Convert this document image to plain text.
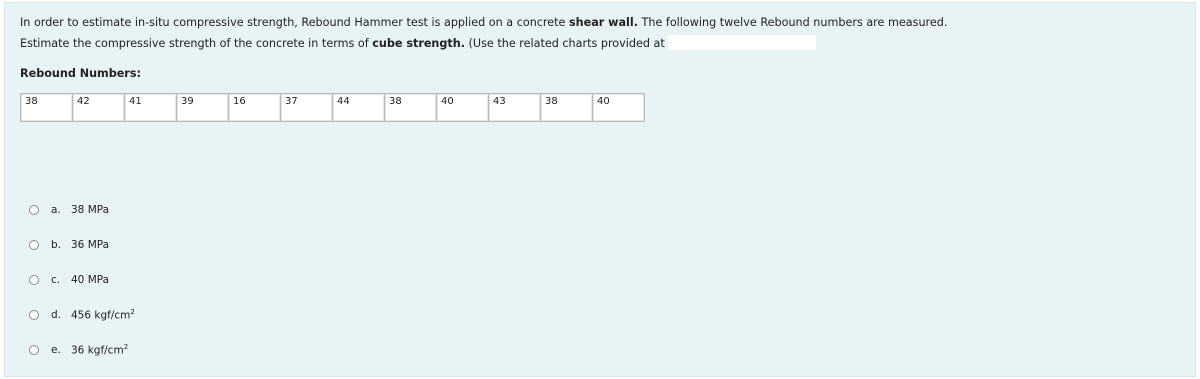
In order to estimate in-situ compressive strength, Rebound Hammer test is applied on a concrete shear wall. The following twelve Rebound numbers are measured.
Estimate the compressive strength of the concrete in terms of cube strength. (Use the related charts provided at
Rebound Numbers:
38	42	41	39	16	37	44	38	40	43	38	40
a. 38 MPa
b. 36 MPa
c.	40 MPa
d. 456 kgf/$cm^2$
e. 36 kgf/$cm^2$
